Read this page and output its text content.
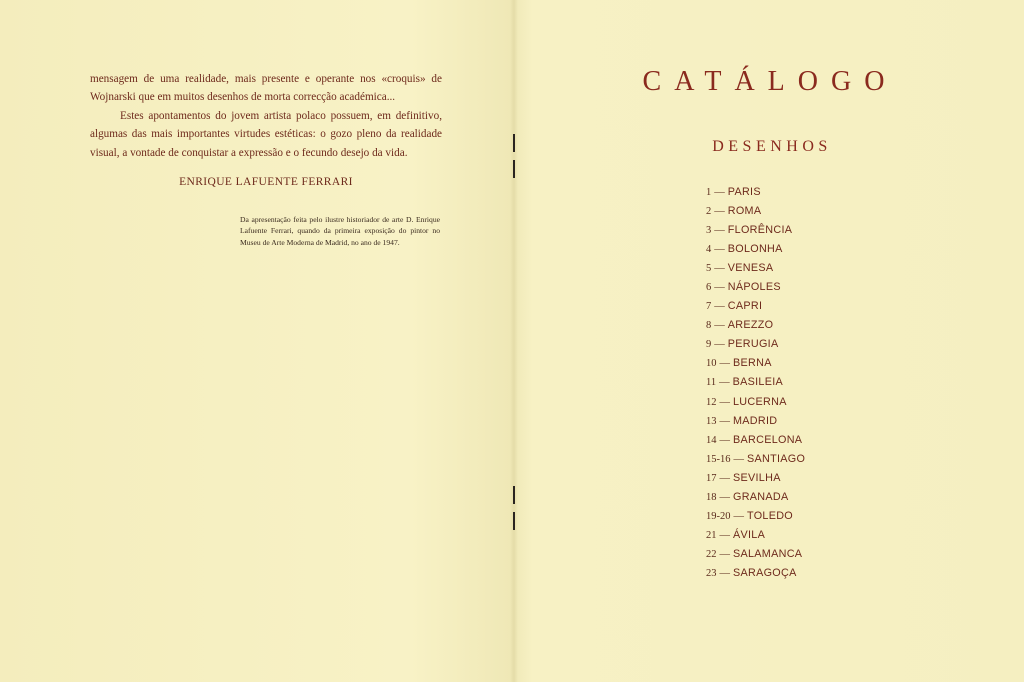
mensagem de uma realidade, mais presente e operante nos «croquis» de Wojnarski que em muitos desenhos de morta correcção académica...

Estes apontamentos do jovem artista polaco possuem, em definitivo, algumas das mais importantes virtudes estéticas: o gozo pleno da realidade visual, a vontade de conquistar a expressão e o fecundo desejo da vida.

ENRIQUE LAFUENTE FERRARI
Da apresentação feita pelo ilustre historiador de arte D. Enrique Lafuente Ferrari, quando da primeira exposição do pintor no Museu de Arte Moderna de Madrid, no ano de 1947.
CATÁLOGO
DESENHOS
1 — PARIS
2 — ROMA
3 — FLORÊNCIA
4 — BOLONHA
5 — VENESA
6 — NÁPOLES
7 — CAPRI
8 — AREZZO
9 — PERUGIA
10 — BERNA
11 — BASILEIA
12 — LUCERNA
13 — MADRID
14 — BARCELONA
15-16 — SANTIAGO
17 — SEVILHA
18 — GRANADA
19-20 — TOLEDO
21 — ÁVILA
22 — SALAMANCA
23 — SARAGOÇA
